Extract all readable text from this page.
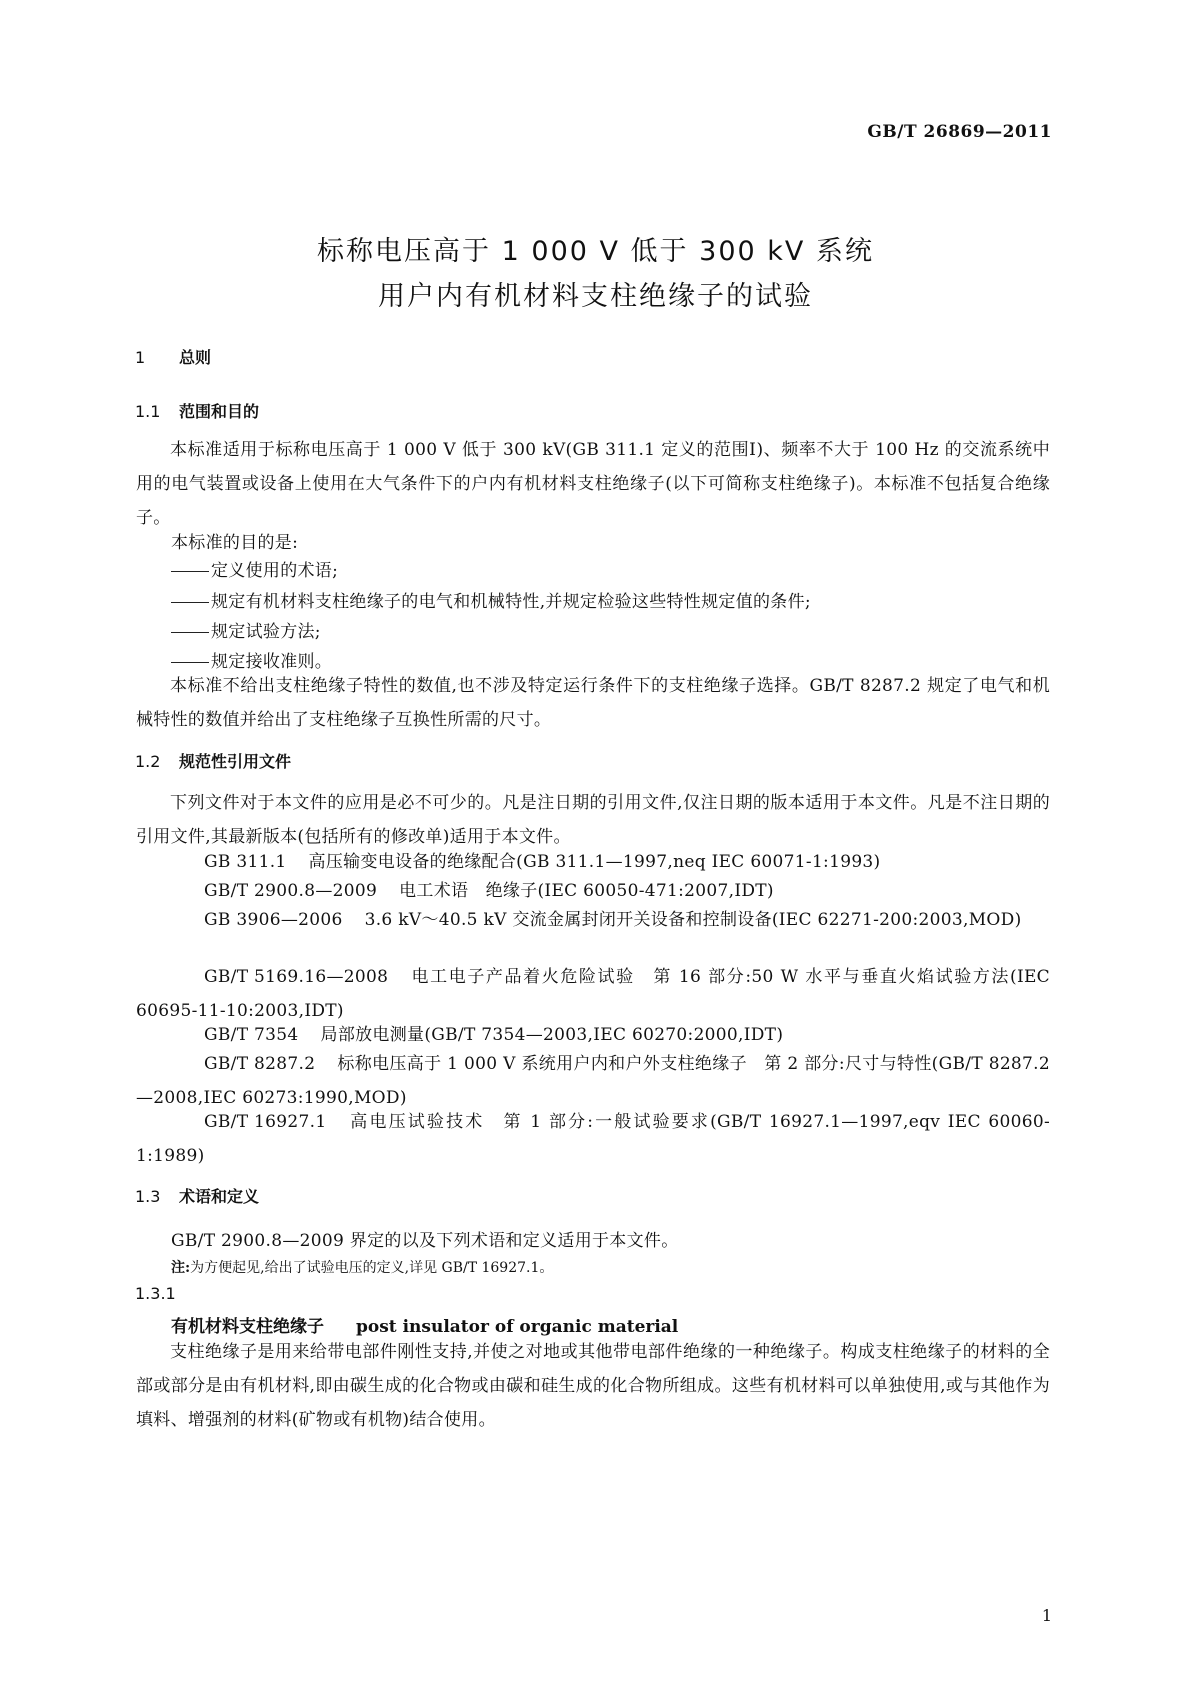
GB/T 26869—2011
标称电压高于 1 000 V 低于 300 kV 系统
用户内有机材料支柱绝缘子的试验
1 总则
1.1 范围和目的
本标准适用于标称电压高于 1 000 V 低于 300 kV(GB 311.1 定义的范围Ⅰ)、频率不大于 100 Hz 的交流系统中用的电气装置或设备上使用在大气条件下的户内有机材料支柱绝缘子(以下可简称支柱绝缘子)。本标准不包括复合绝缘子。
本标准的目的是:
定义使用的术语;
规定有机材料支柱绝缘子的电气和机械特性,并规定检验这些特性规定值的条件;
规定试验方法;
规定接收准则。
本标准不给出支柱绝缘子特性的数值,也不涉及特定运行条件下的支柱绝缘子选择。GB/T 8287.2 规定了电气和机械特性的数值并给出了支柱绝缘子互换性所需的尺寸。
1.2 规范性引用文件
下列文件对于本文件的应用是必不可少的。凡是注日期的引用文件,仅注日期的版本适用于本文件。凡是不注日期的引用文件,其最新版本(包括所有的修改单)适用于本文件。
GB 311.1 高压输变电设备的绝缘配合(GB 311.1—1997,neq IEC 60071-1:1993)
GB/T 2900.8—2009 电工术语　绝缘子(IEC 60050-471:2007,IDT)
GB 3906—2006 3.6 kV～40.5 kV 交流金属封闭开关设备和控制设备(IEC 62271-200:2003,MOD)
GB/T 5169.16—2008 电工电子产品着火危险试验　第 16 部分:50 W 水平与垂直火焰试验方法(IEC 60695-11-10:2003,IDT)
GB/T 7354 局部放电测量(GB/T 7354—2003,IEC 60270:2000,IDT)
GB/T 8287.2 标称电压高于 1 000 V 系统用户内和户外支柱绝缘子　第 2 部分:尺寸与特性(GB/T 8287.2—2008,IEC 60273:1990,MOD)
GB/T 16927.1 高电压试验技术　第 1 部分:一般试验要求(GB/T 16927.1—1997,eqv IEC 60060-1:1989)
1.3 术语和定义
GB/T 2900.8—2009 界定的以及下列术语和定义适用于本文件。
注:为方便起见,给出了试验电压的定义,详见 GB/T 16927.1。
1.3.1
有机材料支柱绝缘子 post insulator of organic material
支柱绝缘子是用来给带电部件刚性支持,并使之对地或其他带电部件绝缘的一种绝缘子。构成支柱绝缘子的材料的全部或部分是由有机材料,即由碳生成的化合物或由碳和硅生成的化合物所组成。这些有机材料可以单独使用,或与其他作为填料、增强剂的材料(矿物或有机物)结合使用。
1
